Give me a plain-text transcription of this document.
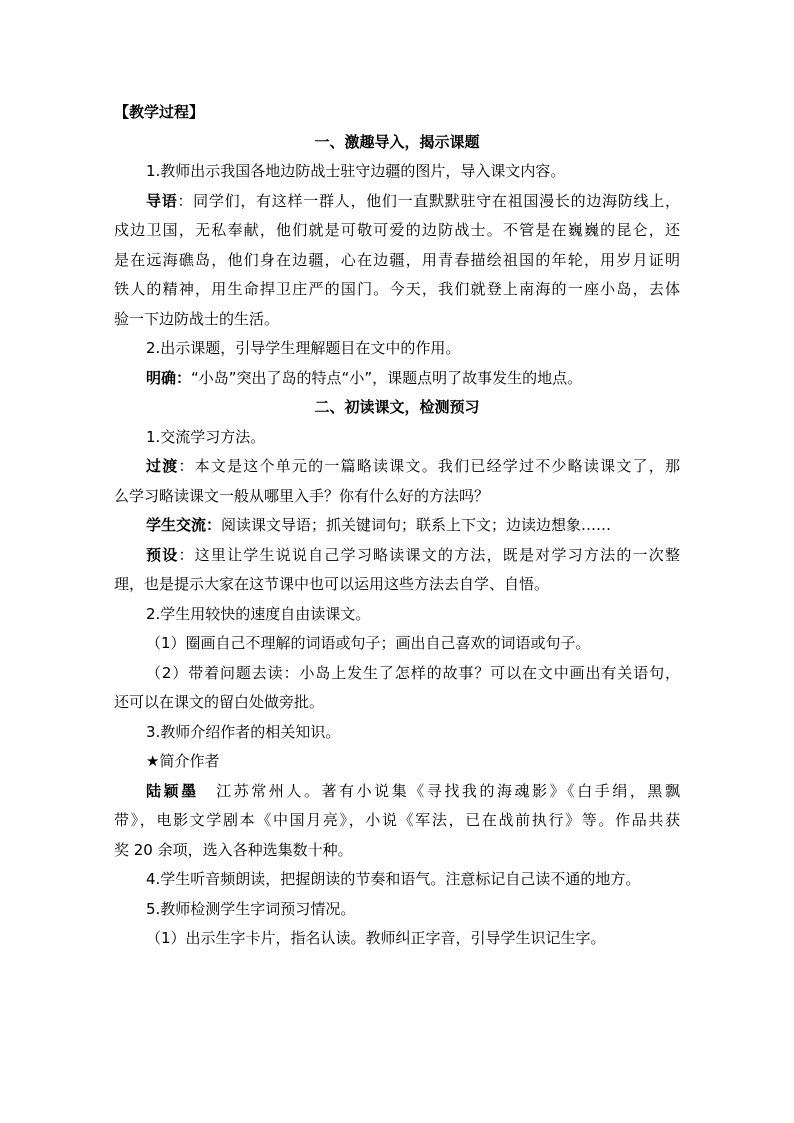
【教学过程】

一、激趣导入，揭示课题

1.教师出示我国各地边防战士驻守边疆的图片，导入课文内容。

导语：同学们，有这样一群人，他们一直默默驻守在祖国漫长的边海防线上，

戍边卫国，无私奉献，他们就是可敬可爱的边防战士。不管是在巍巍的昆仑，还

是在远海礁岛，他们身在边疆，心在边疆，用青春描绘祖国的年轮，用岁月证明

铁人的精神，用生命捍卫庄严的国门。今天，我们就登上南海的一座小岛，去体

验一下边防战士的生活。

2.出示课题，引导学生理解题目在文中的作用。

明确：“小岛”突出了岛的特点“小”，课题点明了故事发生的地点。

二、初读课文，检测预习

1.交流学习方法。

过渡：本文是这个单元的一篇略读课文。我们已经学过不少略读课文了，那

么学习略读课文一般从哪里入手？你有什么好的方法吗？

学生交流：阅读课文导语；抓关键词句；联系上下文；边读边想象……

预设：这里让学生说说自己学习略读课文的方法，既是对学习方法的一次整

理，也是提示大家在这节课中也可以运用这些方法去自学、自悟。

2.学生用较快的速度自由读课文。

（1）圈画自己不理解的词语或句子；画出自己喜欢的词语或句子。

（2）带着问题去读：小岛上发生了怎样的故事？可以在文中画出有关语句，

还可以在课文的留白处做旁批。

3.教师介绍作者的相关知识。

★简介作者

陆颖墨　江苏常州人。著有小说集《寻找我的海魂影》《白手绢，黑飘

带》，电影文学剧本《中国月亮》，小说《军法，已在战前执行》等。作品共获

奖 20 余项，选入各种选集数十种。

4.学生听音频朗读，把握朗读的节奏和语气。注意标记自己读不通的地方。

5.教师检测学生字词预习情况。

（1）出示生字卡片，指名认读。教师纠正字音，引导学生识记生字。
